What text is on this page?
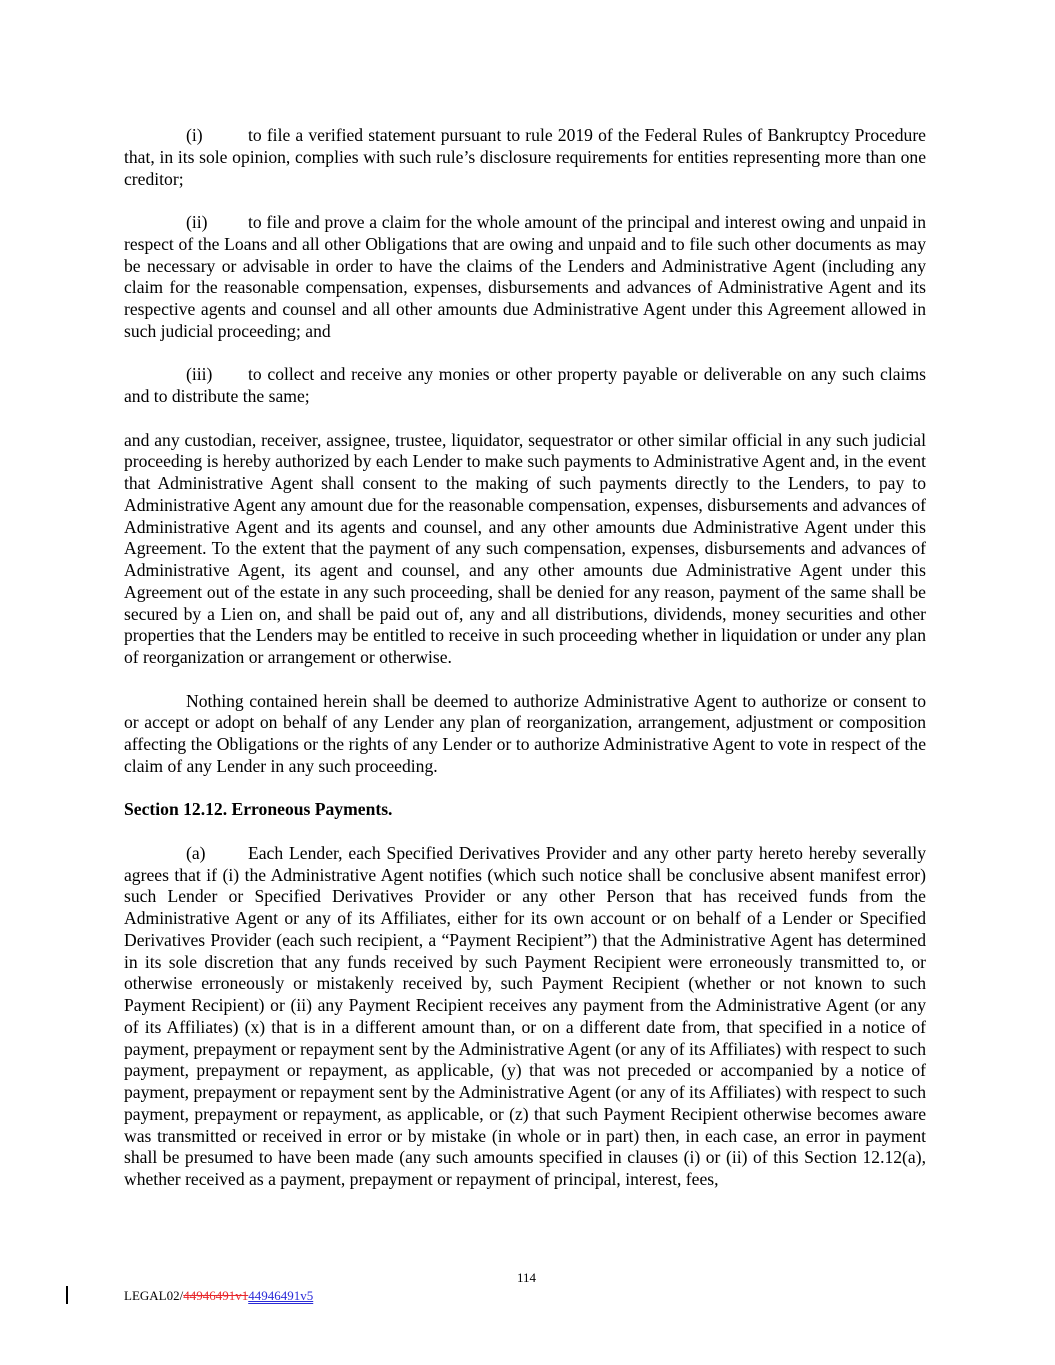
(i)	to file a verified statement pursuant to rule 2019 of the Federal Rules of Bankruptcy Procedure that, in its sole opinion, complies with such rule’s disclosure requirements for entities representing more than one creditor;

(ii) to file and prove a claim for the whole amount of the principal and interest owing and unpaid in respect of the Loans and all other Obligations that are owing and unpaid and to file such other documents as may be necessary or advisable in order to have the claims of the Lenders and Administrative Agent (including any claim for the reasonable compensation, expenses, disbursements and advances of Administrative Agent and its respective agents and counsel and all other amounts due Administrative Agent under this Agreement allowed in such judicial proceeding; and

(iii) to collect and receive any monies or other property payable or deliverable on any such claims and to distribute the same;

and any custodian, receiver, assignee, trustee, liquidator, sequestrator or other similar official in any such judicial proceeding is hereby authorized by each Lender to make such payments to Administrative Agent and, in the event that Administrative Agent shall consent to the making of such payments directly to the Lenders, to pay to Administrative Agent any amount due for the reasonable compensation, expenses, disbursements and advances of Administrative Agent and its agents and counsel, and any other amounts due Administrative Agent under this Agreement. To the extent that the payment of any such compensation, expenses, disbursements and advances of Administrative Agent, its agent and counsel, and any other amounts due Administrative Agent under this Agreement out of the estate in any such proceeding, shall be denied for any reason, payment of the same shall be secured by a Lien on, and shall be paid out of, any and all distributions, dividends, money securities and other properties that the Lenders may be entitled to receive in such proceeding whether in liquidation or under any plan of reorganization or arrangement or otherwise.

Nothing contained herein shall be deemed to authorize Administrative Agent to authorize or consent to or accept or adopt on behalf of any Lender any plan of reorganization, arrangement, adjustment or composition affecting the Obligations or the rights of any Lender or to authorize Administrative Agent to vote in respect of the claim of any Lender in any such proceeding.

Section 12.12. Erroneous Payments.

(a) Each Lender, each Specified Derivatives Provider and any other party hereto hereby severally agrees that if (i) the Administrative Agent notifies (which such notice shall be conclusive absent manifest error) such Lender or Specified Derivatives Provider or any other Person that has received funds from the Administrative Agent or any of its Affiliates, either for its own account or on behalf of a Lender or Specified Derivatives Provider (each such recipient, a “Payment Recipient”) that the Administrative Agent has determined in its sole discretion that any funds received by such Payment Recipient were erroneously transmitted to, or otherwise erroneously or mistakenly received by, such Payment Recipient (whether or not known to such Payment Recipient) or (ii) any Payment Recipient receives any payment from the Administrative Agent (or any of its Affiliates) (x) that is in a different amount than, or on a different date from, that specified in a notice of payment, prepayment or repayment sent by the Administrative Agent (or any of its Affiliates) with respect to such payment, prepayment or repayment, as applicable, (y) that was not preceded or accompanied by a notice of payment, prepayment or repayment sent by the Administrative Agent (or any of its Affiliates) with respect to such payment, prepayment or repayment, as applicable, or (z) that such Payment Recipient otherwise becomes aware was transmitted or received in error or by mistake (in whole or in part) then, in each case, an error in payment shall be presumed to have been made (any such amounts specified in clauses (i) or (ii) of this Section 12.12(a), whether received as a payment, prepayment or repayment of principal, interest, fees,

114
LEGAL02/44946491v144946491v5
